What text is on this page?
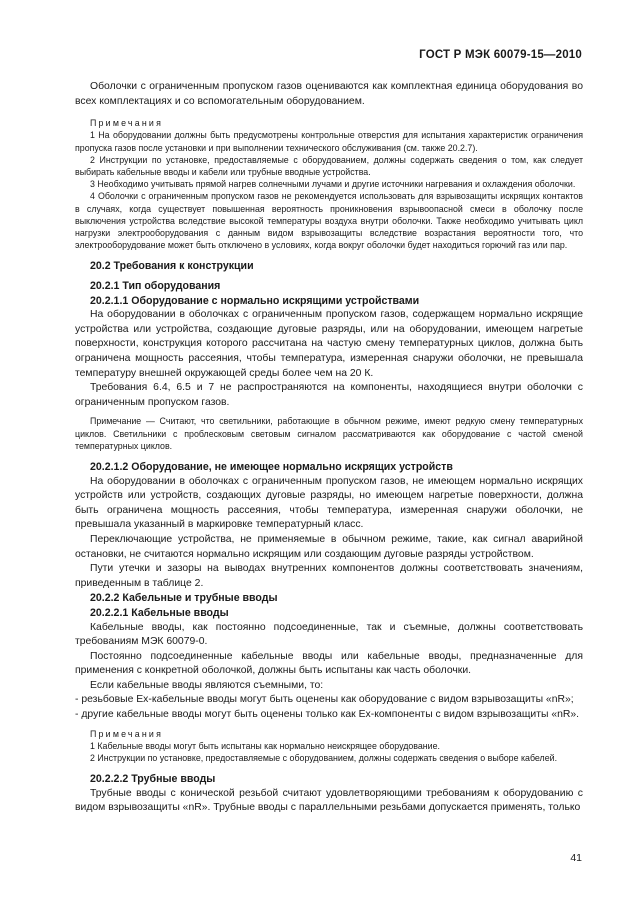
ГОСТ Р МЭК 60079-15—2010

Оболочки с ограниченным пропуском газов оцениваются как комплектная единица оборудования во всех комплектациях и со вспомогательным оборудованием.

Примечания

1 На оборудовании должны быть предусмотрены контрольные отверстия для испытания характеристик ограничения пропуска газов после установки и при выполнении технического обслуживания (см. также 20.2.7).

2 Инструкции по установке, предоставляемые с оборудованием, должны содержать сведения о том, как следует выбирать кабельные вводы и кабели или трубные вводные устройства.

3 Необходимо учитывать прямой нагрев солнечными лучами и другие источники нагревания и охлаждения оболочки.

4 Оболочки с ограниченным пропуском газов не рекомендуется использовать для взрывозащиты искрящих контактов в случаях, когда существует повышенная вероятность проникновения взрывоопасной смеси в оболочку после выключения устройства вследствие высокой температуры воздуха внутри оболочки. Также необходимо учитывать цикл нагрузки электрооборудования с данным видом взрывозащиты вследствие возрастания вероятности того, что электрооборудование может быть отключено в условиях, когда вокруг оболочки будет находиться горючий газ или пар.

20.2 Требования к конструкции

20.2.1 Тип оборудования

20.2.1.1 Оборудование с нормально искрящими устройствами

На оборудовании в оболочках с ограниченным пропуском газов, содержащем нормально искрящие устройства или устройства, создающие дуговые разряды, или на оборудовании, имеющем нагретые поверхности, конструкция которого рассчитана на частую смену температурных циклов, должна быть ограничена мощность рассеяния, чтобы температура, измеренная снаружи оболочки, не превышала температуру внешней окружающей среды более чем на 20 К.

Требования 6.4, 6.5 и 7 не распространяются на компоненты, находящиеся внутри оболочки с ограниченным пропуском газов.

Примечание — Считают, что светильники, работающие в обычном режиме, имеют редкую смену температурных циклов. Светильники с проблесковым световым сигналом рассматриваются как оборудование с частой сменой температурных циклов.

20.2.1.2 Оборудование, не имеющее нормально искрящих устройств

На оборудовании в оболочках с ограниченным пропуском газов, не имеющем нормально искрящих устройств или устройств, создающих дуговые разряды, но имеющем нагретые поверхности, должна быть ограничена мощность рассеяния, чтобы температура, измеренная снаружи оболочки, не превышала указанный в маркировке температурный класс.

Переключающие устройства, не применяемые в обычном режиме, такие, как сигнал аварийной остановки, не считаются нормально искрящим или создающим дуговые разряды устройством.

Пути утечки и зазоры на выводах внутренних компонентов должны соответствовать значениям, приведенным в таблице 2.

20.2.2 Кабельные и трубные вводы

20.2.2.1 Кабельные вводы

Кабельные вводы, как постоянно подсоединенные, так и съемные, должны соответствовать требованиям МЭК 60079-0.

Постоянно подсоединенные кабельные вводы или кабельные вводы, предназначенные для применения с конкретной оболочкой, должны быть испытаны как часть оболочки.

Если кабельные вводы являются съемными, то:

- резьбовые Ex-кабельные вводы могут быть оценены как оборудование с видом взрывозащиты «nR»;

- другие кабельные вводы могут быть оценены только как Ex-компоненты с видом взрывозащиты «nR».

Примечания

1 Кабельные вводы могут быть испытаны как нормально неискрящее оборудование.

2 Инструкции по установке, предоставляемые с оборудованием, должны содержать сведения о выборе кабелей.

20.2.2.2 Трубные вводы

Трубные вводы с конической резьбой считают удовлетворяющими требованиям к оборудованию с видом взрывозащиты «nR». Трубные вводы с параллельными резьбами допускается применять, только

41
